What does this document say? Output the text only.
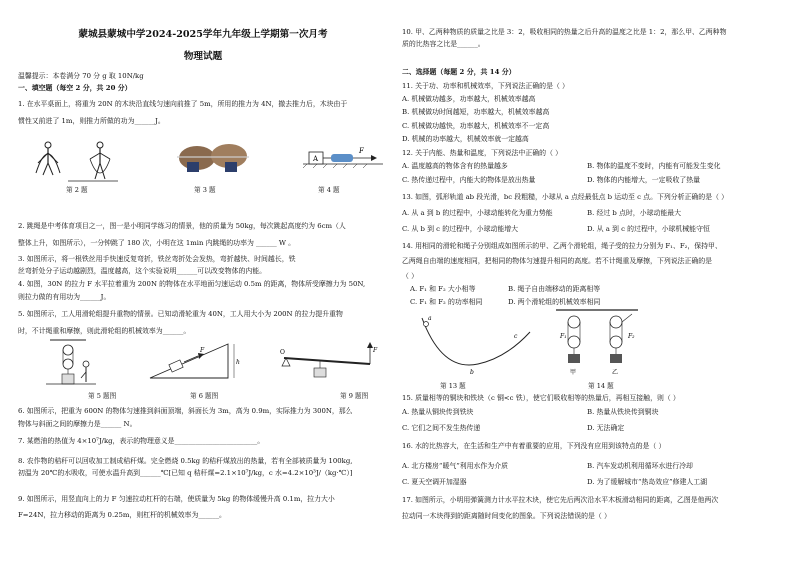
蒙城县蒙城中学2024-2025学年九年级上学期第一次月考
物理试题
温馨提示：本卷满分 70 分 g 取 10N/kg
一、填空题（每空 2 分，共 20 分）
1. 在水平桌面上，将重为 20N 的木块沿直线匀速向前推了 5m，所用的推力为 4N，撤去推力后，木块由于
惯性又前进了 1m，则推力所做的功为______J。
A
F
第 2 题	第 3 题	第 4 题
2. 跳绳是中考体育项目之一，图一是小明同学练习的情景，他的质量为 50kg，每次跳起高度约为 6cm（人
整体上升，如图所示），一分钟跳了 180 次，小明在这 1min 内跳绳的功率为 ______ W 。
3. 如图所示，将一根铁丝用手快速反复弯折，铁丝弯折处会发热，弯折越快、时间越长，铁
丝弯折处分子运动越剧烈，温度越高，这个实验说明______可以改变物体的内能。
4. 如图，30N 的拉力 F 水平拉着重为 200N 的物体在水平地面匀速运动 0.5m 的距离，物体所受摩擦力为 50N,
则拉力做的有用功为______J。
5. 如图所示，工人用滑轮组提升重物的情景。已知动滑轮重为 40N，工人用大小为 200N 的拉力提升重物
时，不计绳重和摩擦，则此滑轮组的机械效率为______。
F
h
O	F
第 5 题图	第 6 题图	第 9 题图
6. 如图所示，把重为 600N 的物体匀速推到斜面顶端，斜面长为 3m，高为 0.9m，实际推力为 300N，那么
物体与斜面之间的摩擦力是______ N。
7. 某燃油的热值为 4×10⁷J/kg，表示的物理意义是________________________。
8. 农作物的秸秆可以回收加工制成秸秆煤。完全燃烧 0.5kg 的秸秆煤放出的热量，若有全部被质量为 100kg,
初温为 20℃的水吸收，可使水温升高到______℃[已知 q 秸秆煤=2.1×10⁷J/kg，c 水=4.2×10³J/（kg·℃）]
9. 如图所示，用竖直向上的力 F 匀速拉动杠杆的右端，使质量为 5kg 的物体缓慢升高 0.1m，拉力大小
F=24N，拉力移动的距离为 0.25m，则杠杆的机械效率为______。
10. 甲、乙两种物质的质量之比是 3：2，吸收相同的热量之后升高的温度之比是 1：2，那么甲、乙两种物
质的比热容之比是______。
二、选择题（每题 2 分，共 14 分）
11. 关于功、功率和机械效率，下列说法正确的是（ ）
A. 机械做功越多，功率越大，机械效率越高
B. 机械做功时间越短，功率越大，机械效率越高
C. 机械做功越快，功率越大，机械效率不一定高
D. 机械的功率越大，机械效率就一定越高
12. 关于内能、热量和温度，下列说法中正确的（ ）
A. 温度越高的物体含有的热量越多	B. 物体的温度不变时，内能有可能发生变化
C. 热传递过程中，内能大的物体是放出热量	D. 物体的内能增大，一定吸收了热量
13. 如图，弧形轨道 ab 段光滑，bc 段粗糙，小球从 a 点经最低点 b 运动至 c 点。下列分析正确的是（ ）
A. 从 a 到 b 的过程中，小球动能转化为重力势能	B. 经过 b 点时，小球动能最大
C. 从 b 到 c 的过程中，小球动能增大	D. 从 a 到 c 的过程中，小球机械能守恒
14. 用相同的滑轮和绳子分别组成如图所示的甲、乙两个滑轮组，绳子受的拉力分别为 F₁、F₂，保持甲、
乙两绳自由端的速度相同，把相同的物体匀速提升相同的高度。若不计绳重及摩擦，下列说法正确的是
（ ）
A. F₁ 和 F₂ 大小相等	B. 绳子自由端移动的距离相等
C. F₁ 和 F₂ 的功率相同	D. 两个滑轮组的机械效率相同
a
b
c	F₁
甲
F₂
乙
第 13 题	第 14 题
15. 质量相等的铜块和铁块（c 铜<c 铁），使它们吸收相等的热量后，再相互接触，则（ ）
A. 热量从铜块传到铁块	B. 热量从铁块传到铜块
C. 它们之间不发生热传递	D. 无法确定
16. 水的比热容大，在生活和生产中有着重要的应用，下列没有应用到该特点的是（ ）
A. 北方楼房“暖气”利用水作为介质	B. 汽车发动机利用循环水进行冷却
C. 夏天空调开加湿器	D. 为了缓解城市“热岛效应”修建人工湖
17. 如图所示，小明用弹簧测力计水平拉木块，使它先后两次沿水平木板滑动相同的距离，乙图是他两次
拉动同一木块得到的距离随时间变化的图象。下列说法错误的是（ ）
